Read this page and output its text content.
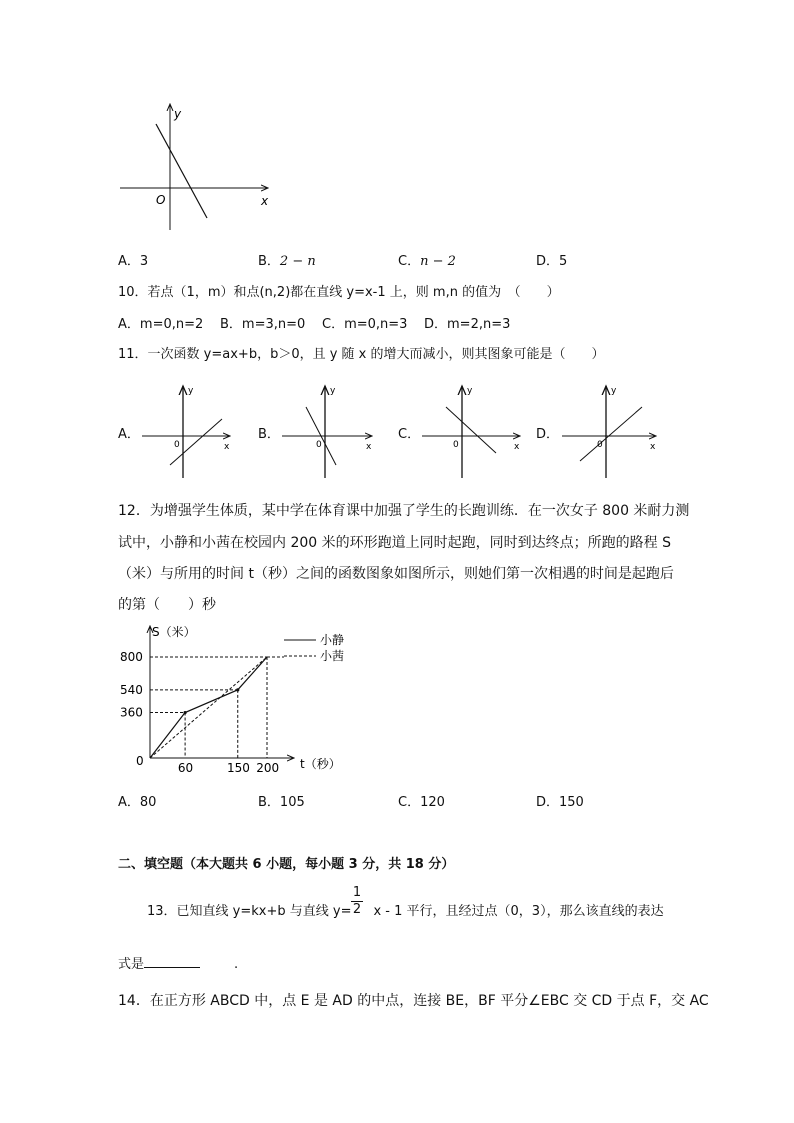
y
x
O
A．3	B．2 − n	C．n − 2	D．5
10．若点（1，m）和点(n,2)都在直线 y=x-1 上，则 m,n 的值为　（　　）
A．m=0,n=2 B．m=3,n=0 C．m=0,n=3 D．m=2,n=3
11．一次函数 y=ax+b，b＞0，且 y 随 x 的增大而减小，则其图象可能是（　　）
A．
y
x
0
B．
y
x
0
C．
y
x
0
D．
y
x
0
12．为增强学生体质，某中学在体育课中加强了学生的长跑训练．在一次女子 800 米耐力测
试中，小静和小茜在校园内 200 米的环形跑道上同时起跑，同时到达终点；所跑的路程 S
（米）与所用的时间 t（秒）之间的函数图象如图所示，则她们第一次相遇的时间是起跑后
的第（　　）秒
S（米）
t（秒）
0	60	150 200
360
540
800
小静
小茜
A．80	B．105	C．120	D．150
二、填空题（本大题共 6 小题，每小题 3 分，共 18 分）
13．已知直线 y=kx+b 与直线 y= x - 1 平行，且经过点（0，3），那么该直线的表达
1
2
式是	.
14．在正方形 ABCD 中，点 E 是 AD 的中点，连接 BE，BF 平分∠EBC 交 CD 于点 F，交 AC
